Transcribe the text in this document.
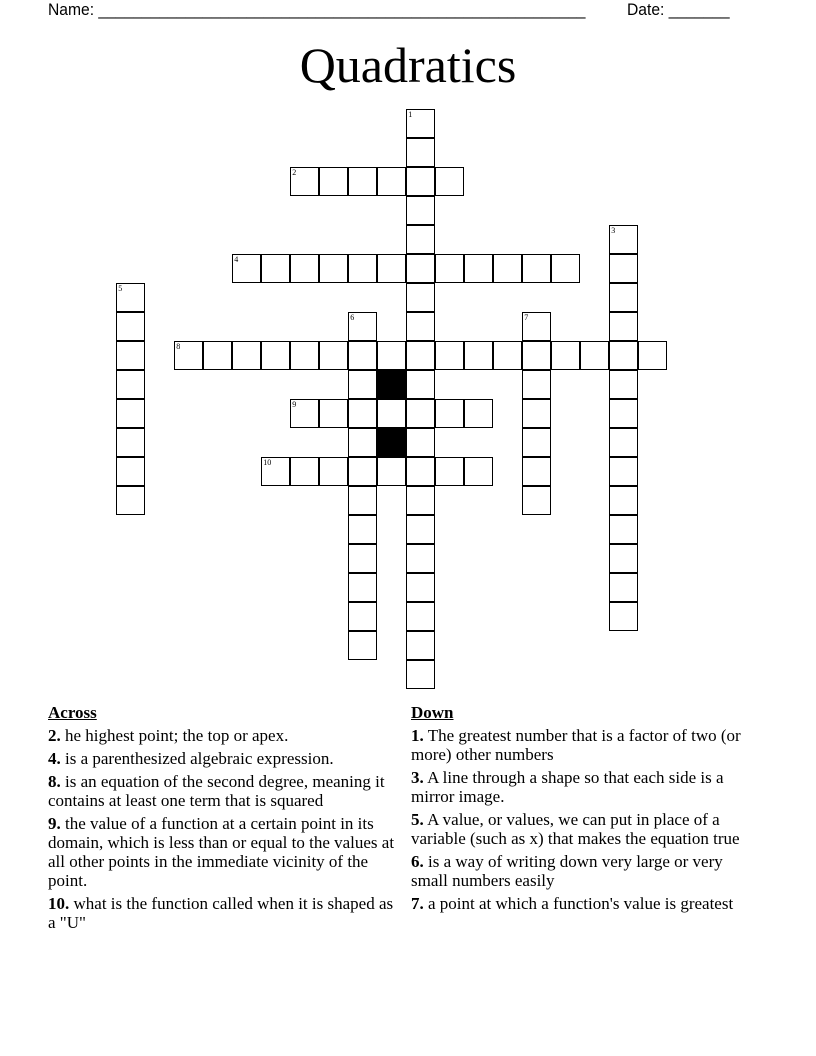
Name: ________________________________________________________ Date: _______
Quadratics
1
2
3
4
5
6	7
8
9
10
Across
2. he highest point; the top or apex.
4. is a parenthesized algebraic expression.
8. is an equation of the second degree, meaning it contains at least one term that is squared
9. the value of a function at a certain point in its domain, which is less than or equal to the values at all other points in the immediate vicinity of the point.
10. what is the function called when it is shaped as a "U"
Down
1. The greatest number that is a factor of two (or more) other numbers
3. A line through a shape so that each side is a mirror image.
5. A value, or values, we can put in place of a variable (such as x) that makes the equation true
6. is a way of writing down very large or very small numbers easily
7. a point at which a function's value is greatest
